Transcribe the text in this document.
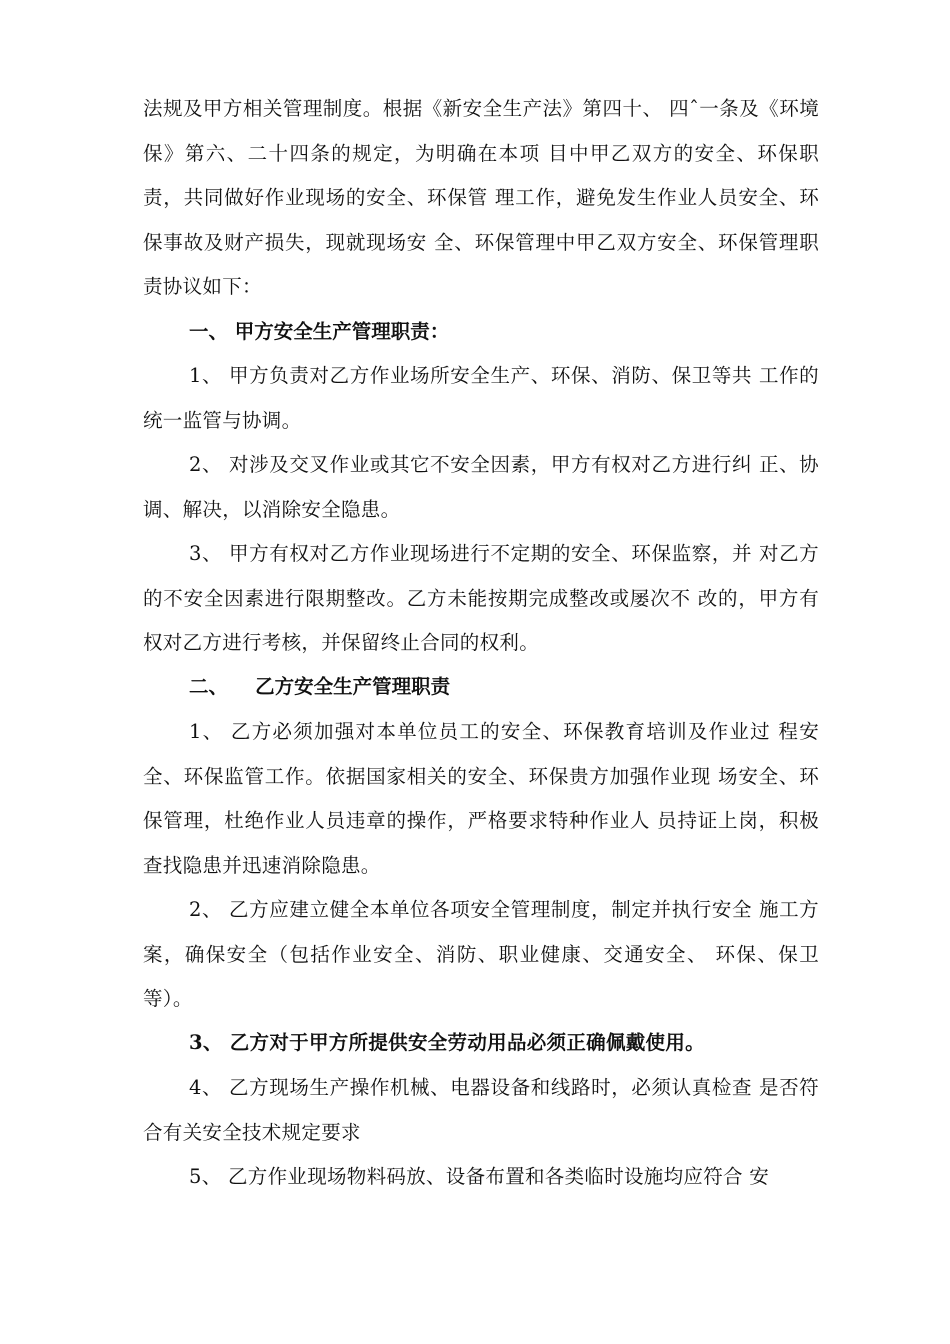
法规及甲方相关管理制度。根据《新安全生产法》第四十、 四ˆ一条及《环境保》第六、二十四条的规定，为明确在本项 目中甲乙双方的安全、环保职责，共同做好作业现场的安全、环保管 理工作，避免发生作业人员安全、环保事故及财产损失，现就现场安 全、环保管理中甲乙双方安全、环保管理职责协议如下：

一、 甲方安全生产管理职责：

1、 甲方负责对乙方作业场所安全生产、环保、消防、保卫等共 工作的统一监管与协调。

2、 对涉及交叉作业或其它不安全因素，甲方有权对乙方进行纠 正、协调、解决，以消除安全隐患。

3、 甲方有权对乙方作业现场进行不定期的安全、环保监察，并 对乙方的不安全因素进行限期整改。乙方未能按期完成整改或屡次不 改的，甲方有权对乙方进行考核，并保留终止合同的权利。

二、    乙方安全生产管理职责

1、 乙方必须加强对本单位员工的安全、环保教育培训及作业过 程安全、环保监管工作。依据国家相关的安全、环保贵方加强作业现 场安全、环保管理，杜绝作业人员违章的操作，严格要求特种作业人 员持证上岗，积极查找隐患并迅速消除隐患。

2、 乙方应建立健全本单位各项安全管理制度，制定并执行安全 施工方案，确保安全（包括作业安全、消防、职业健康、交通安全、 环保、保卫等）。

3、 乙方对于甲方所提供安全劳动用品必须正确佩戴使用。

4、 乙方现场生产操作机械、电器设备和线路时，必须认真检查 是否符合有关安全技术规定要求

5、 乙方作业现场物料码放、设备布置和各类临时设施均应符合 安
